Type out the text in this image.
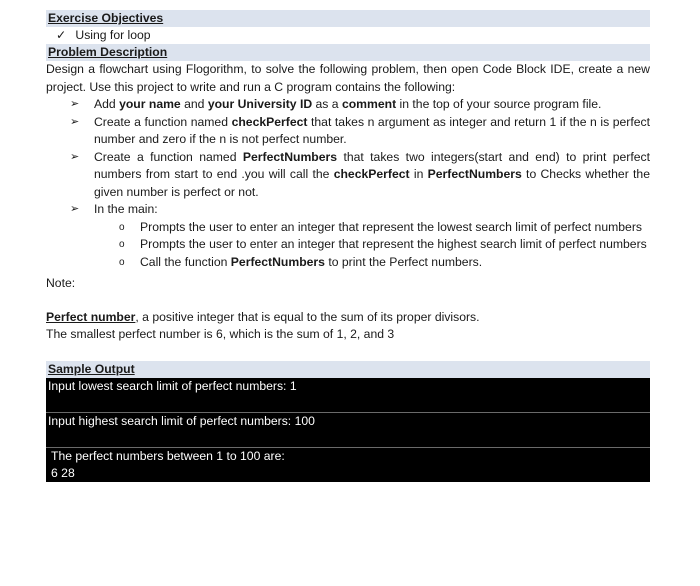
Exercise Objectives
✓ Using for loop
Problem Description

Design a flowchart using Flogorithm, to solve the following problem, then open Code Block IDE, create a new project. Use this project to write and run a C program contains the following:

➢ Add your name and your University ID as a comment in the top of your source program file.
➢ Create a function named checkPerfect that takes n argument as integer and return 1 if the n is perfect number and zero if the n is not perfect number.
➢ Create a function named PerfectNumbers that takes two integers(start and end) to print perfect numbers from start to end .you will call the checkPerfect in PerfectNumbers to Checks whether the given number is perfect or not.
➢ In the main:
o Prompts the user to enter an integer that represent the lowest search limit of perfect numbers
o Prompts the user to enter an integer that represent the highest search limit of perfect numbers
o Call the function PerfectNumbers to print the Perfect numbers.
Note:
Perfect number, a positive integer that is equal to the sum of its proper divisors.
The smallest perfect number is 6, which is the sum of 1, 2, and 3
Sample Output
Input lowest search limit of perfect numbers: 1
Input highest search limit of perfect numbers: 100
The perfect numbers between 1 to 100 are:
6 28
